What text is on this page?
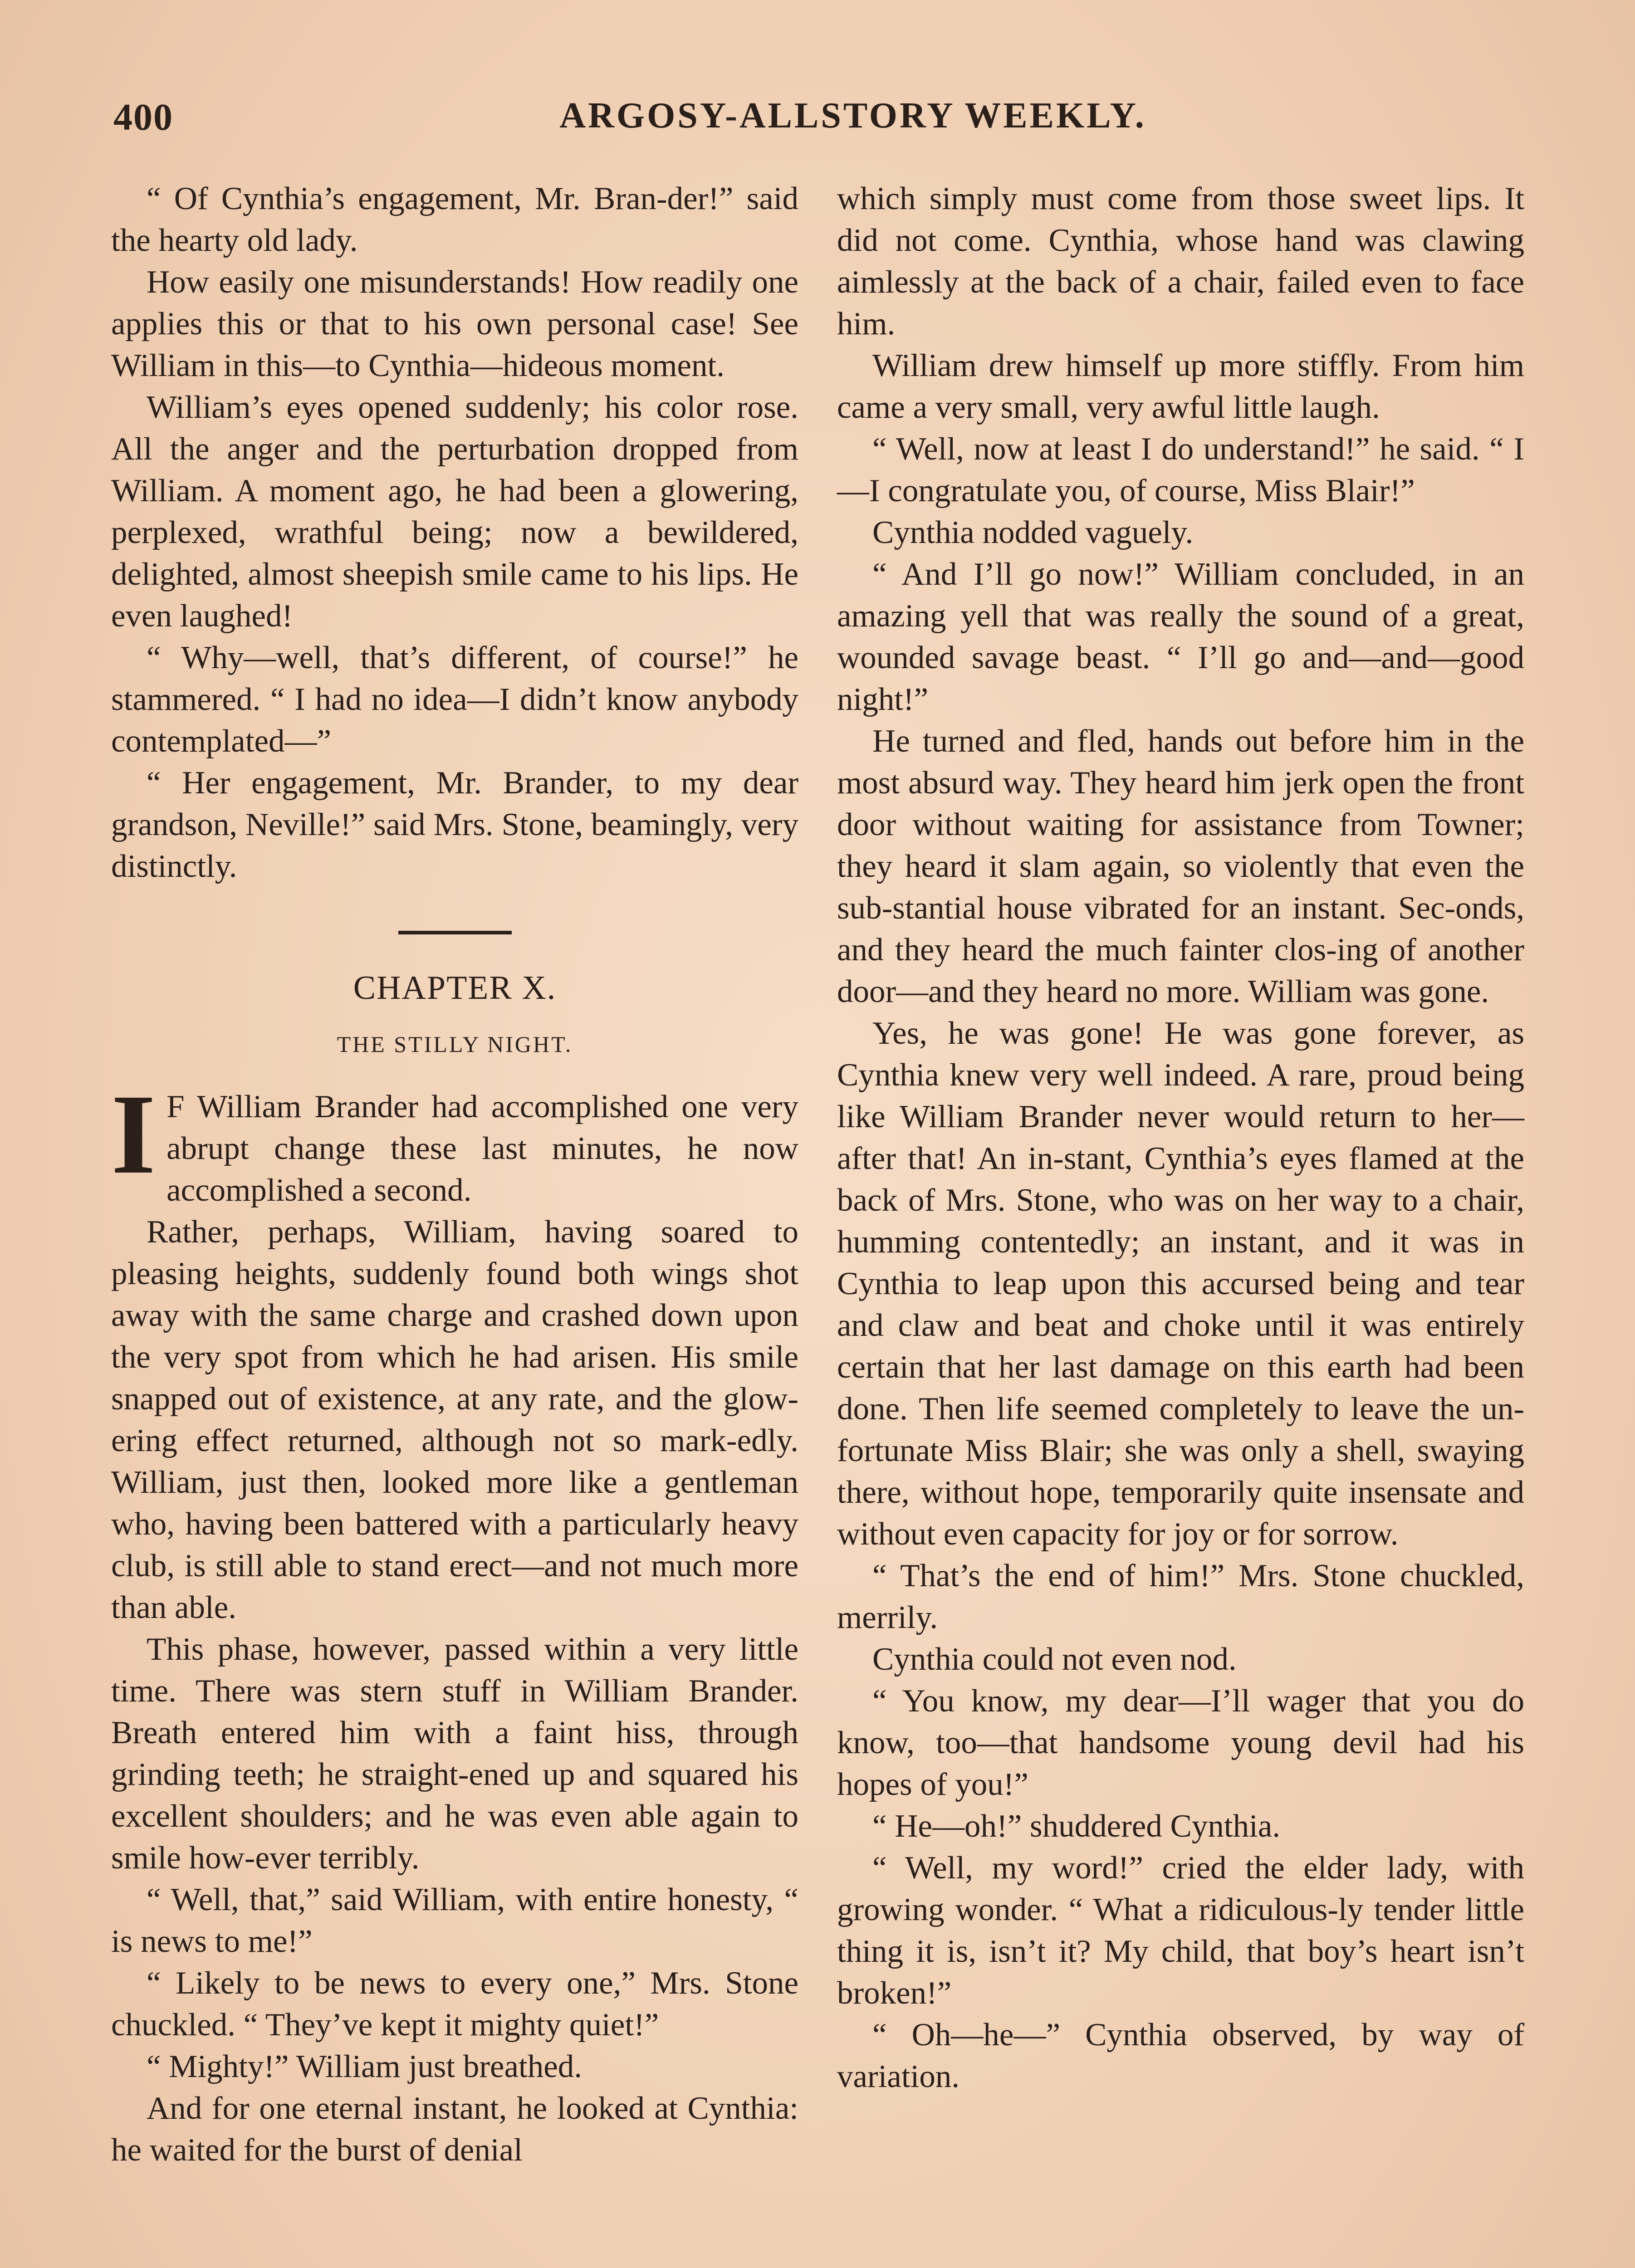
400	ARGOSY-ALLSTORY WEEKLY.

“ Of Cynthia’s engagement, Mr. Bran-der!” said the hearty old lady.

How easily one misunderstands! How readily one applies this or that to his own personal case! See William in this—to Cynthia—hideous moment.

William’s eyes opened suddenly; his color rose. All the anger and the perturbation dropped from William. A moment ago, he had been a glowering, perplexed, wrathful being; now a bewildered, delighted, almost sheepish smile came to his lips. He even laughed!

“ Why—well, that’s different, of course!” he stammered. “ I had no idea—I didn’t know anybody contemplated—”

“ Her engagement, Mr. Brander, to my dear grandson, Neville!” said Mrs. Stone, beamingly, very distinctly.

CHAPTER X.
THE STILLY NIGHT.

I F William Brander had accomplished one very abrupt change these last minutes, he now accomplished a second.

Rather, perhaps, William, having soared to pleasing heights, suddenly found both wings shot away with the same charge and crashed down upon the very spot from which he had arisen. His smile snapped out of existence, at any rate, and the glow-ering effect returned, although not so mark-edly. William, just then, looked more like a gentleman who, having been battered with a particularly heavy club, is still able to stand erect—and not much more than able.

This phase, however, passed within a very little time. There was stern stuff in William Brander. Breath entered him with a faint hiss, through grinding teeth; he straight-ened up and squared his excellent shoulders; and he was even able again to smile how-ever terribly.

“ Well, that,” said William, with entire honesty, “ is news to me!”

“ Likely to be news to every one,” Mrs. Stone chuckled. “ They’ve kept it mighty quiet!”

“ Mighty!” William just breathed.

And for one eternal instant, he looked at Cynthia: he waited for the burst of denial

which simply must come from those sweet lips. It did not come. Cynthia, whose hand was clawing aimlessly at the back of a chair, failed even to face him.

William drew himself up more stiffly. From him came a very small, very awful little laugh.

“ Well, now at least I do understand!” he said. “ I—I congratulate you, of course, Miss Blair!”

Cynthia nodded vaguely.

“ And I’ll go now!” William concluded, in an amazing yell that was really the sound of a great, wounded savage beast. “ I’ll go and—and—good night!”

He turned and fled, hands out before him in the most absurd way. They heard him jerk open the front door without waiting for assistance from Towner; they heard it slam again, so violently that even the sub-stantial house vibrated for an instant. Sec-onds, and they heard the much fainter clos-ing of another door—and they heard no more. William was gone.

Yes, he was gone! He was gone forever, as Cynthia knew very well indeed. A rare, proud being like William Brander never would return to her—after that! An in-stant, Cynthia’s eyes flamed at the back of Mrs. Stone, who was on her way to a chair, humming contentedly; an instant, and it was in Cynthia to leap upon this accursed being and tear and claw and beat and choke until it was entirely certain that her last damage on this earth had been done. Then life seemed completely to leave the un-fortunate Miss Blair; she was only a shell, swaying there, without hope, temporarily quite insensate and without even capacity for joy or for sorrow.

“ That’s the end of him!” Mrs. Stone chuckled, merrily.

Cynthia could not even nod.

“ You know, my dear—I’ll wager that you do know, too—that handsome young devil had his hopes of you!”

“ He—oh!” shuddered Cynthia.

“ Well, my word!” cried the elder lady, with growing wonder. “ What a ridiculous-ly tender little thing it is, isn’t it? My child, that boy’s heart isn’t broken!”

“ Oh—he—” Cynthia observed, by way of variation.
